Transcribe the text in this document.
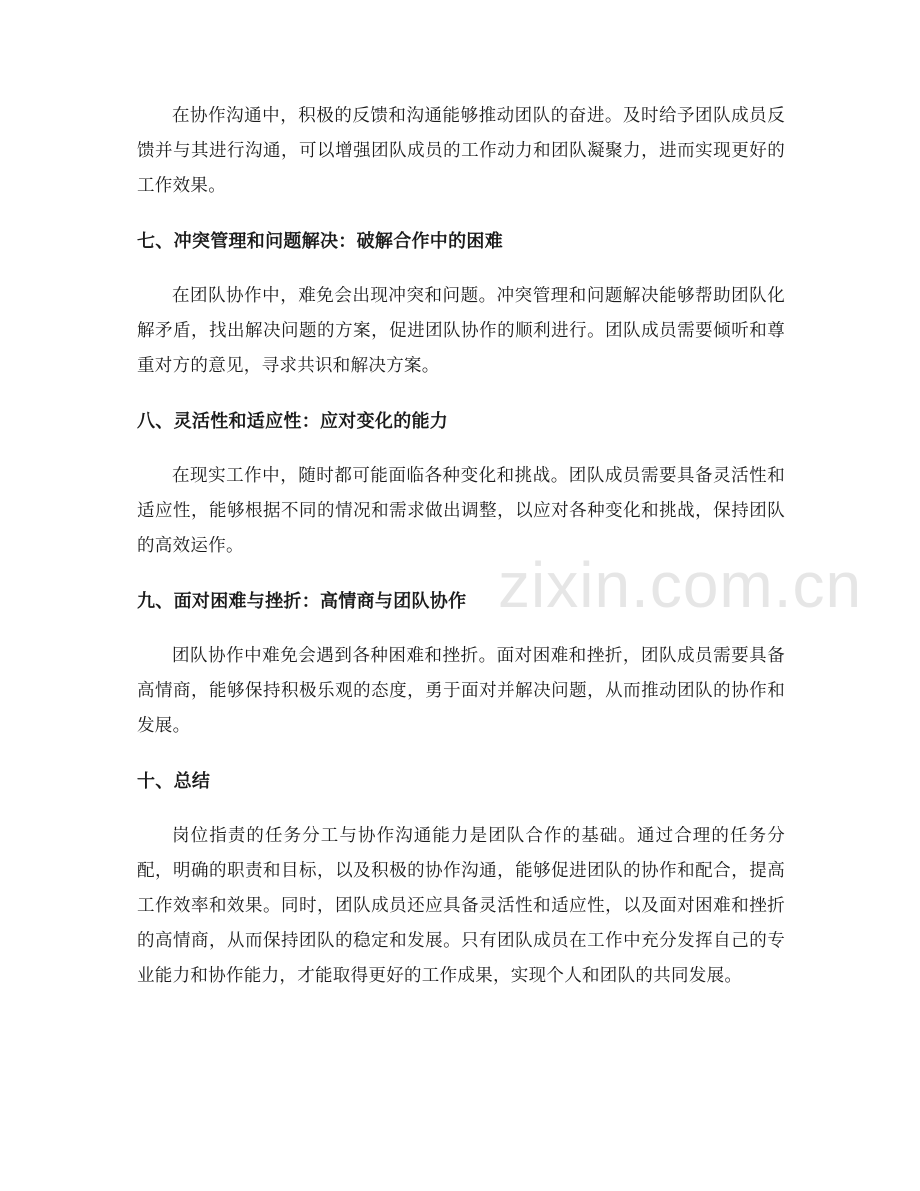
zixin.com.cn

在协作沟通中，积极的反馈和沟通能够推动团队的奋进。及时给予团队成员反馈并与其进行沟通，可以增强团队成员的工作动力和团队凝聚力，进而实现更好的工作效果。

七、冲突管理和问题解决：破解合作中的困难

在团队协作中，难免会出现冲突和问题。冲突管理和问题解决能够帮助团队化解矛盾，找出解决问题的方案，促进团队协作的顺利进行。团队成员需要倾听和尊重对方的意见，寻求共识和解决方案。

八、灵活性和适应性：应对变化的能力

在现实工作中，随时都可能面临各种变化和挑战。团队成员需要具备灵活性和适应性，能够根据不同的情况和需求做出调整，以应对各种变化和挑战，保持团队的高效运作。

九、面对困难与挫折：高情商与团队协作

团队协作中难免会遇到各种困难和挫折。面对困难和挫折，团队成员需要具备高情商，能够保持积极乐观的态度，勇于面对并解决问题，从而推动团队的协作和发展。

十、总结

岗位指责的任务分工与协作沟通能力是团队合作的基础。通过合理的任务分配，明确的职责和目标，以及积极的协作沟通，能够促进团队的协作和配合，提高工作效率和效果。同时，团队成员还应具备灵活性和适应性，以及面对困难和挫折的高情商，从而保持团队的稳定和发展。只有团队成员在工作中充分发挥自己的专业能力和协作能力，才能取得更好的工作成果，实现个人和团队的共同发展。
